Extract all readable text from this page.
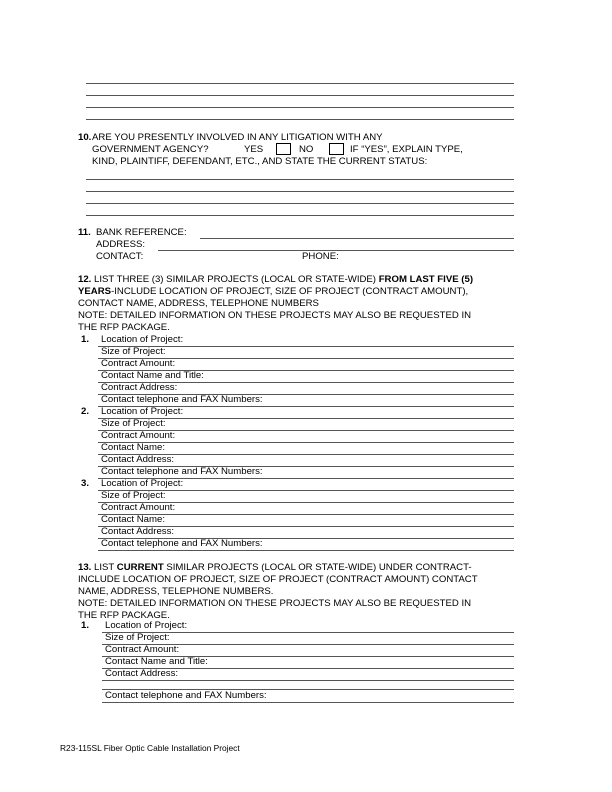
10. ARE YOU PRESENTLY INVOLVED IN ANY LITIGATION WITH ANY
GOVERNMENT AGENCY?	YES	NO	IF “YES”, EXPLAIN TYPE,
KIND, PLAINTIFF, DEFENDANT, ETC., AND STATE THE CURRENT STATUS:
11. BANK REFERENCE:
ADDRESS:
CONTACT:	PHONE:
12. LIST THREE (3) SIMILAR PROJECTS (LOCAL OR STATE-WIDE) FROM LAST FIVE (5)
YEARS-INCLUDE LOCATION OF PROJECT, SIZE OF PROJECT (CONTRACT AMOUNT),
CONTACT NAME, ADDRESS, TELEPHONE NUMBERS
NOTE: DETAILED INFORMATION ON THESE PROJECTS MAY ALSO BE REQUESTED IN
THE RFP PACKAGE.
1. Location of Project:
Size of Project:
Contract Amount:
Contact Name and Title:
Contract Address:
Contact telephone and FAX Numbers:
2. Location of Project:
Size of Project:
Contract Amount:
Contact Name:
Contact Address:
Contact telephone and FAX Numbers:
3. Location of Project:
Size of Project:
Contract Amount:
Contact Name:
Contact Address:
Contact telephone and FAX Numbers:
13. LIST CURRENT SIMILAR PROJECTS (LOCAL OR STATE-WIDE) UNDER CONTRACT-
INCLUDE LOCATION OF PROJECT, SIZE OF PROJECT (CONTRACT AMOUNT) CONTACT
NAME, ADDRESS, TELEPHONE NUMBERS.
NOTE: DETAILED INFORMATION ON THESE PROJECTS MAY ALSO BE REQUESTED IN
THE RFP PACKAGE.
1. Location of Project:
Size of Project:
Contract Amount:
Contact Name and Title:
Contact Address:
Contact telephone and FAX Numbers:
R23-115SL Fiber Optic Cable Installation Project
